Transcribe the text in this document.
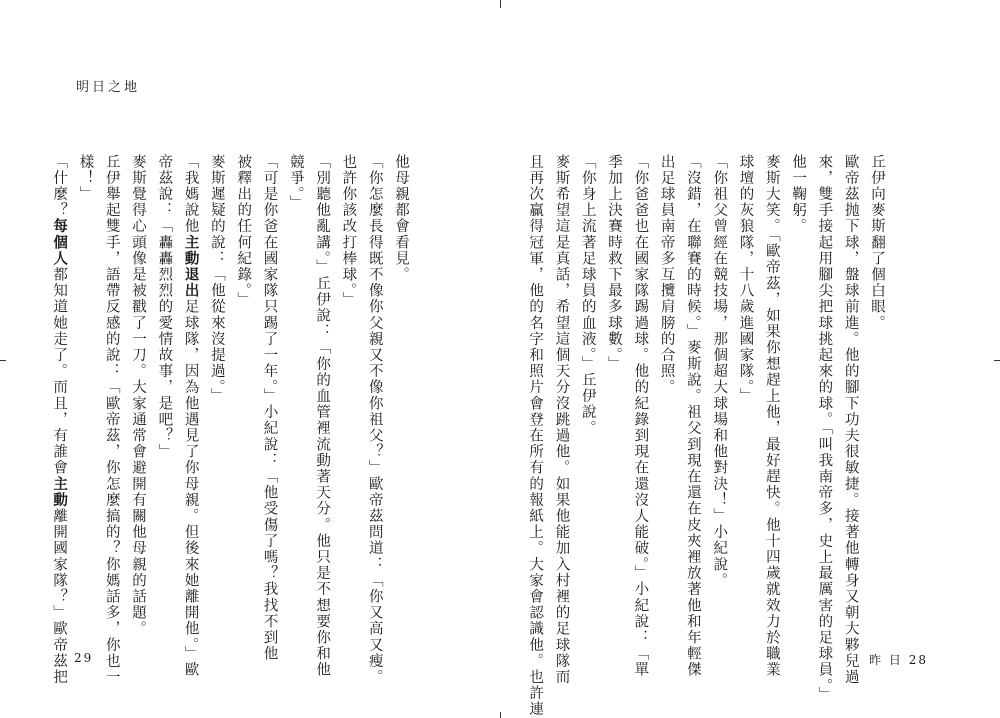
明日之地
他母親都會看見。
「你怎麼長得既不像你父親又不像你祖父？」歐帝茲問道：「你又高又瘦。
也許你該改打棒球。」
「別聽他亂講。」丘伊說：「你的血管裡流動著天分。他只是不想要你和他
競爭。」
「可是你爸在國家隊只踢了一年。」小紀說：「他受傷了嗎？我找不到他
被釋出的任何紀錄。」
麥斯遲疑的說：「他從來沒提過。」
「我媽說他主動退出足球隊，因為他遇見了你母親。但後來她離開他。」歐
帝茲說：「轟轟烈烈的愛情故事，是吧？」
麥斯覺得心頭像是被戳了一刀。大家通常會避開有關他母親的話題。
丘伊舉起雙手，語帶反感的說：「歐帝茲，你怎麼搞的？你媽話多，你也一
樣！」
「什麼？每個人都知道她走了。而且，有誰會主動離開國家隊？」歐帝茲把 29
丘伊向麥斯翻了個白眼。
歐帝茲抛下球，盤球前進。他的腳下功夫很敏捷。接著他轉身又朝大夥兒過
來，雙手接起用腳尖把球挑起來的球。「叫我南帝多，史上最厲害的足球員。」
他一鞠躬。
麥斯大笑。「歐帝茲，如果你想趕上他，最好趕快。他十四歲就效力於職業
球壇的灰狼隊，十八歲進國家隊。」
「你祖父曾經在競技場，那個超大球場和他對決！」小紀說。
「沒錯，在聯賽的時候。」麥斯說。祖父到現在還在皮夾裡放著他和年輕傑
出足球員南帝多互攬肩膀的合照。
「你爸爸也在國家隊踢過球。他的紀錄到現在還沒人能破。」小紀說：「單
季加上決賽時救下最多球數。」
「你身上流著足球員的血液。」丘伊說。
麥斯希望這是真話，希望這個天分沒跳過他。如果他能加入村裡的足球隊而
且再次贏得冠軍，他的名字和照片會登在所有的報紙上。大家會認識他。也許連	昨 日 28
